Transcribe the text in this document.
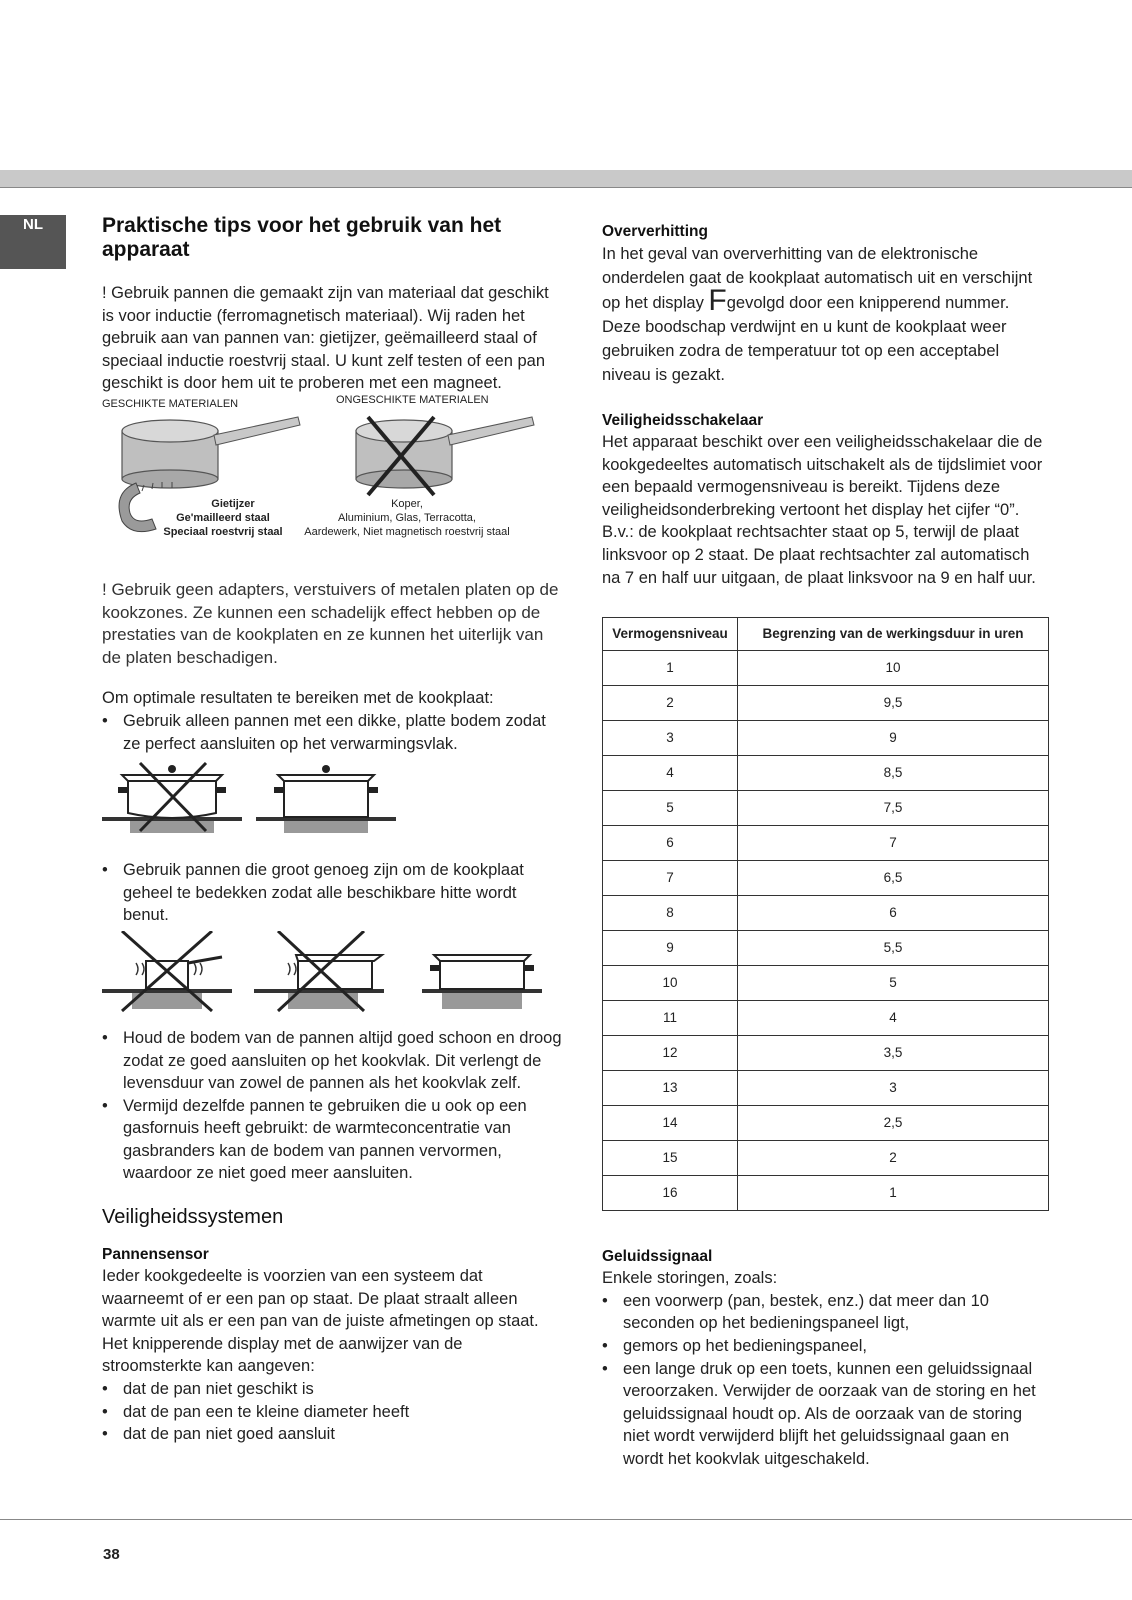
NL	Praktische tips voor het gebruik van het apparaat

! Gebruik pannen die gemaakt zijn van materiaal dat geschikt is voor inductie (ferromagnetisch materiaal). Wij raden het gebruik aan van pannen van: gietijzer, geëmailleerd staal of speciaal inductie roestvrij staal. U kunt zelf testen of een pan geschikt is door hem uit te proberen met een magneet.

GESCHIKTE MATERIALEN	ONGESCHIKTE MATERIALEN
Gietijzer
Ge'mailleerd staal
Speciaal roestvrij staal
Koper,
Aluminium, Glas, Terracotta,
Aardewerk, Niet magnetisch roestvrij staal

! Gebruik geen adapters, verstuivers of metalen platen op de kookzones. Ze kunnen een schadelijk effect hebben op de prestaties van de kookplaten en ze kunnen het uiterlijk van de platen beschadigen.

Om optimale resultaten te bereiken met de kookplaat:

• Gebruik alleen pannen met een dikke, platte bodem zodat ze perfect aansluiten op het verwarmingsvlak.
• Gebruik pannen die groot genoeg zijn om de kookplaat geheel te bedekken zodat alle beschikbare hitte wordt benut.
• Houd de bodem van de pannen altijd goed schoon en droog zodat ze goed aansluiten op het kookvlak. Dit verlengt de levensduur van zowel de pannen als het kookvlak zelf.
• Vermijd dezelfde pannen te gebruiken die u ook op een gasfornuis heeft gebruikt: de warmteconcentratie van gasbranders kan de bodem van pannen vervormen, waardoor ze niet goed meer aansluiten.
Veiligheidssystemen
Pannensensor

Ieder kookgedeelte is voorzien van een systeem dat waarneemt of er een pan op staat. De plaat straalt alleen warmte uit als er een pan van de juiste afmetingen op staat. Het knipperende display met de aanwijzer van de stroomsterkte kan aangeven:

• dat de pan niet geschikt is
• dat de pan een te kleine diameter heeft
• dat de pan niet goed aansluit
Oververhitting

In het geval van oververhitting van de elektronische onderdelen gaat de kookplaat automatisch uit en verschijnt op het display Fgevolgd door een knipperend nummer. Deze boodschap verdwijnt en u kunt de kookplaat weer gebruiken zodra de temperatuur tot op een acceptabel niveau is gezakt.

Veiligheidsschakelaar

Het apparaat beschikt over een veiligheidsschakelaar die de kookgedeeltes automatisch uitschakelt als de tijdslimiet voor een bepaald vermogensniveau is bereikt. Tijdens deze veiligheidsonderbreking vertoont het display het cijfer “0”. B.v.: de kookplaat rechtsachter staat op 5, terwijl de plaat linksvoor op 2 staat. De plaat rechtsachter zal automatisch na 7 en half uur uitgaan, de plaat linksvoor na 9 en half uur.

Vermogensniveau	Begrenzing van de werkingsduur in uren
1	10
2	9,5
3	9
4	8,5
5	7,5
6	7
7	6,5
8	6
9	5,5
10	5
11	4
12	3,5
13	3
14	2,5
15	2
16	1
Geluidssignaal

Enkele storingen, zoals:

• een voorwerp (pan, bestek, enz.) dat meer dan 10 seconden op het bedieningspaneel ligt,
• gemors op het bedieningspaneel,
• een lange druk op een toets, kunnen een geluidssignaal veroorzaken. Verwijder de oorzaak van de storing en het geluidssignaal houdt op. Als de oorzaak van de storing niet wordt verwijderd blijft het geluidssignaal gaan en wordt het kookvlak uitgeschakeld.
38
